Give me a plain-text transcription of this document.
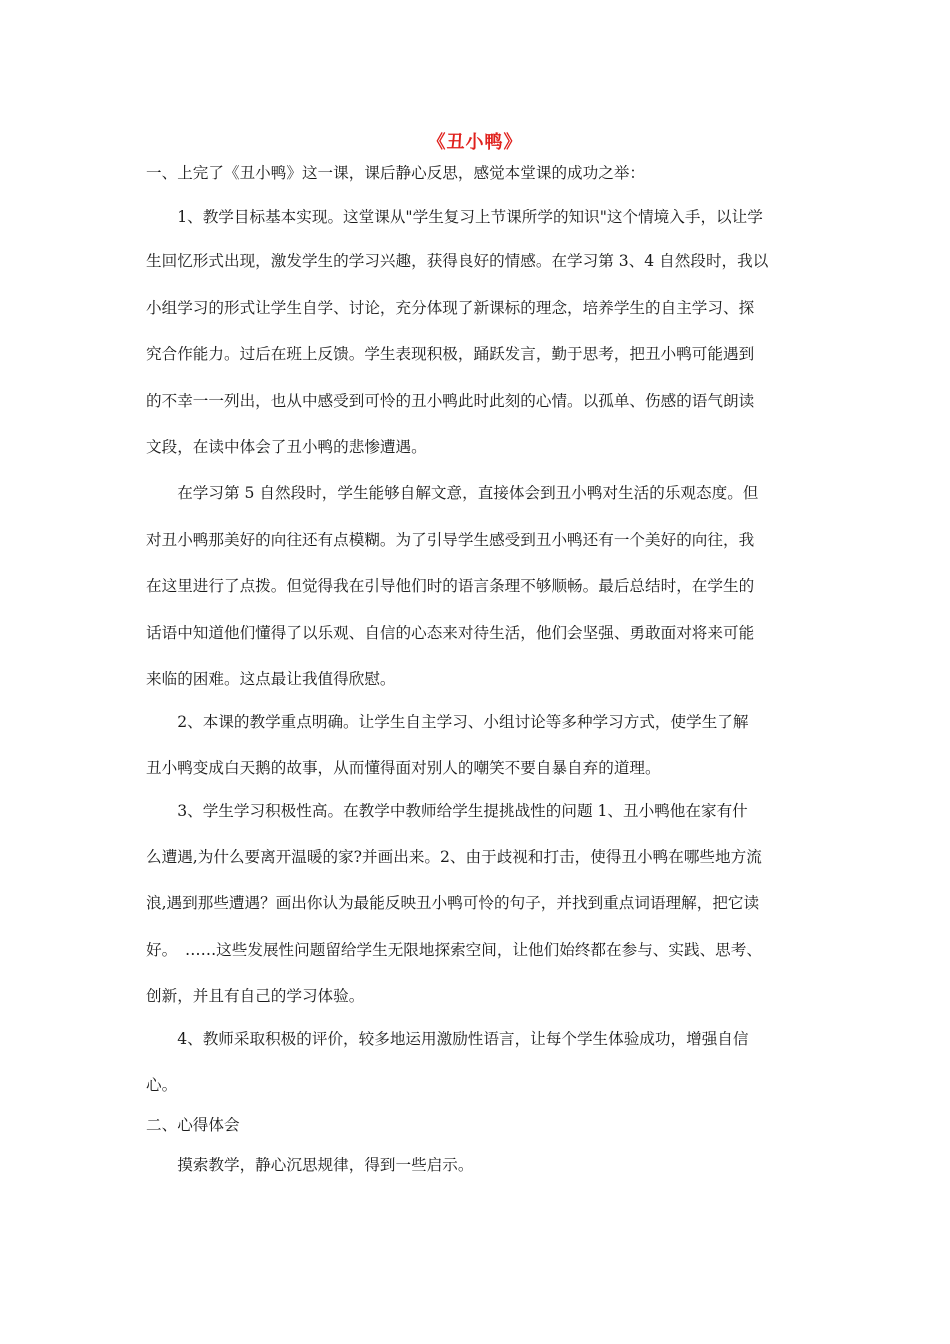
《丑小鸭》
一、上完了《丑小鸭》这一课，课后静心反思，感觉本堂课的成功之举：
　　1、教学目标基本实现。这堂课从"学生复习上节课所学的知识"这个情境入手，以让学
生回忆形式出现，激发学生的学习兴趣，获得良好的情感。在学习第 3、4 自然段时，我以
小组学习的形式让学生自学、讨论，充分体现了新课标的理念，培养学生的自主学习、探
究合作能力。过后在班上反馈。学生表现积极，踊跃发言，勤于思考，把丑小鸭可能遇到
的不幸一一列出，也从中感受到可怜的丑小鸭此时此刻的心情。以孤单、伤感的语气朗读
文段，在读中体会了丑小鸭的悲惨遭遇。
　　在学习第 5 自然段时，学生能够自解文意，直接体会到丑小鸭对生活的乐观态度。但
对丑小鸭那美好的向往还有点模糊。为了引导学生感受到丑小鸭还有一个美好的向往，我
在这里进行了点拨。但觉得我在引导他们时的语言条理不够顺畅。最后总结时，在学生的
话语中知道他们懂得了以乐观、自信的心态来对待生活，他们会坚强、勇敢面对将来可能
来临的困难。这点最让我值得欣慰。
　　2、本课的教学重点明确。让学生自主学习、小组讨论等多种学习方式，使学生了解
丑小鸭变成白天鹅的故事，从而懂得面对别人的嘲笑不要自暴自弃的道理。
　　3、学生学习积极性高。在教学中教师给学生提挑战性的问题 1、丑小鸭他在家有什
么遭遇,为什么要离开温暖的家?并画出来。2、由于歧视和打击，使得丑小鸭在哪些地方流
浪,遇到那些遭遇？画出你认为最能反映丑小鸭可怜的句子，并找到重点词语理解，把它读
好。　……这些发展性问题留给学生无限地探索空间，让他们始终都在参与、实践、思考、
创新，并且有自己的学习体验。
　　4、教师采取积极的评价，较多地运用激励性语言，让每个学生体验成功，增强自信
心。
二、心得体会
　　摸索教学，静心沉思规律，得到一些启示。
